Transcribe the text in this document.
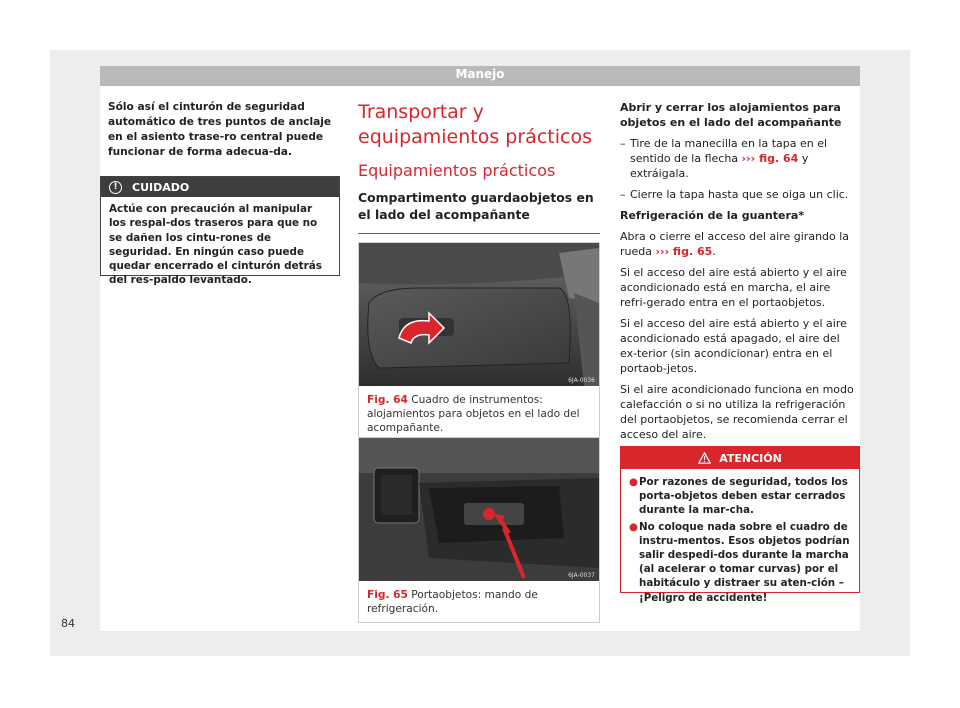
Manejo
Sólo así el cinturón de seguridad automático de tres puntos de anclaje en el asiento trase-ro central puede funcionar de forma adecua-da.
!	CUIDADO
Actúe con precaución al manipular los respal-dos traseros para que no se dañen los cintu-rones de seguridad. En ningún caso puede quedar encerrado el cinturón detrás del res-paldo levantado.
Transportar y equipamientos prácticos
Equipamientos prácticos
Compartimento guardaobjetos en el lado del acompañante
6JA-0036
Fig. 64 Cuadro de instrumentos: alojamientos para objetos en el lado del acompañante.
6JA-0037
Fig. 65 Portaobjetos: mando de refrigeración.

Abrir y cerrar los alojamientos para objetos en el lado del acompañante

– Tire de la manecilla en la tapa en el sentido de la flecha ››› fig. 64 y extráigala.
– Cierre la tapa hasta que se oiga un clic.

Refrigeración de la guantera*

Abra o cierre el acceso del aire girando la rueda ››› fig. 65.

Si el acceso del aire está abierto y el aire acondicionado está en marcha, el aire refri-gerado entra en el portaobjetos.

Si el acceso del aire está abierto y el aire acondicionado está apagado, el aire del ex-terior (sin acondicionar) entra en el portaob-jetos.

Si el aire acondicionado funciona en modo calefacción o si no utiliza la refrigeración del portaobjetos, se recomienda cerrar el acceso del aire.

ATENCIÓN
● Por razones de seguridad, todos los porta-objetos deben estar cerrados durante la mar-cha.
● No coloque nada sobre el cuadro de instru-mentos. Esos objetos podrían salir despedi-dos durante la marcha (al acelerar o tomar curvas) por el habitáculo y distraer su aten-ción – ¡Peligro de accidente!
84
